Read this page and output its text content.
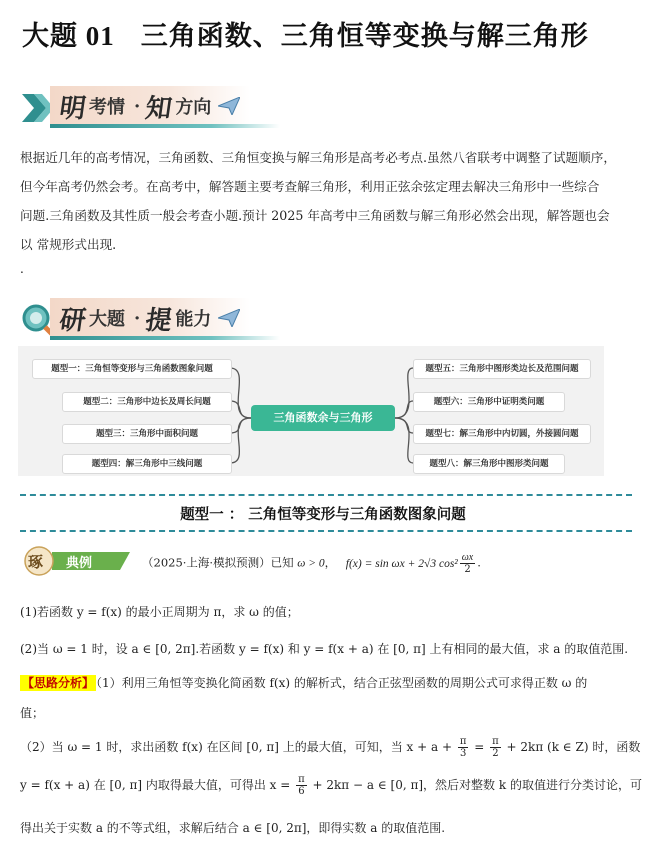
大题 01 三角函数、三角恒等变换与解三角形
明 考情 · 知 方向

根据近几年的高考情况，三角函数、三角恒变换与解三角形是高考必考点.虽然八省联考中调整了试题顺序，

但今年高考仍然会考。在高考中，解答题主要考查解三角形，利用正弦余弦定理去解决三角形中一些综合

问题.三角函数及其性质一般会考查小题.预计 2025 年高考中三角函数与解三角形必然会出现，解答题也会

以 常规形式出现.

.
研 大题 · 提 能力
三角函数余与三角形
题型一：三角恒等变形与三角函数图象问题
题型二：三角形中边长及周长问题
题型三：三角形中面积问题
题型四：解三角形中三线问题
题型五：三角形中图形类边长及范围问题
题型六：三角形中证明类问题
题型七：解三角形中内切圆，外接圆问题
题型八：解三角形中图形类问题
题型一 ： 三角恒等变形与三角函数图象问题
琢 典例	（2025·上海·模拟预测）已知 ω > 0， f(x) = sin ωx + 2√3 $\cos^2 \frac{\omega x}{2}$ .
(1)若函数 y = f(x) 的最小正周期为 π，求 ω 的值；
(2)当 ω = 1 时，设 a ∈ [0, 2π].若函数 y = f(x) 和 y = f(x + a) 在 [0, π] 上有相同的最大值，求 a 的取值范围.
【思路分析】 （1）利用三角恒等变换化简函数 f(x) 的解析式，结合正弦型函数的周期公式可求得正数 ω 的
值；
（2）当 ω = 1 时，求出函数 f(x) 在区间 [0, π] 上的最大值，可知，当 $x + a + \frac{\pi}{3} = \frac{\pi}{2} + 2k\pi$ (k ∈ Z) 时，函数
y = f(x + a) 在 [0, π] 内取得最大值，可得出 $x = \frac{\pi}{6} + 2k\pi - a$ ∈ [0, π]，然后对整数 k 的取值进行分类讨论，可
得出关于实数 a 的不等式组，求解后结合 a ∈ [0, 2π]，即得实数 a 的取值范围.
